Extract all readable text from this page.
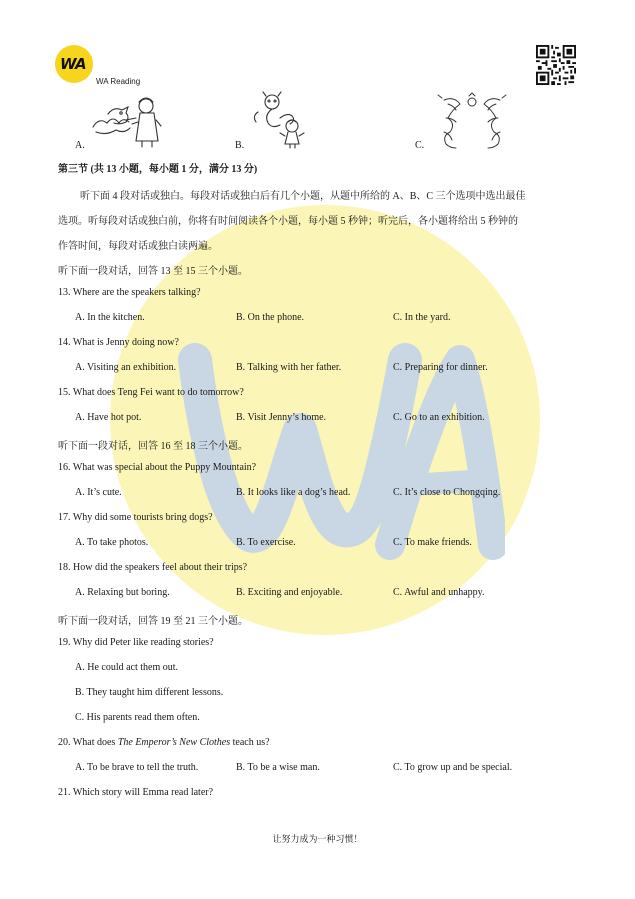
WA
WA Reading
A.	B.	C.
第三节 (共 13 小题，每小题 1 分，满分 13 分)
听下面 4 段对话或独白。每段对话或独白后有几个小题，从题中所给的 A、B、C 三个选项中选出最佳
选项。听每段对话或独白前，你将有时间阅读各个小题，每小题 5 秒钟；听完后，各小题将给出 5 秒钟的
作答时间，每段对话或独白读两遍。
听下面一段对话，回答 13 至 15 三个小题。
13. Where are the speakers talking?
A. In the kitchen.	B. On the phone.	C. In the yard.
14. What is Jenny doing now?
A. Visiting an exhibition.	B. Talking with her father.	C. Preparing for dinner.
15. What does Teng Fei want to do tomorrow?
A. Have hot pot.	B. Visit Jenny’s home.	C. Go to an exhibition.
听下面一段对话，回答 16 至 18 三个小题。
16. What was special about the Puppy Mountain?
A. It’s cute.	B. It looks like a dog’s head.	C. It’s close to Chongqing.
17. Why did some tourists bring dogs?
A. To take photos.	B. To exercise.	C. To make friends.
18. How did the speakers feel about their trips?
A. Relaxing but boring.	B. Exciting and enjoyable.	C. Awful and unhappy.
听下面一段对话，回答 19 至 21 三个小题。
19. Why did Peter like reading stories?
A. He could act them out.
B. They taught him different lessons.
C. His parents read them often.
20. What does The Emperor’s New Clothes teach us?
A. To be brave to tell the truth.	B. To be a wise man.	C. To grow up and be special.
21. Which story will Emma read later?
让努力成为一种习惯！
